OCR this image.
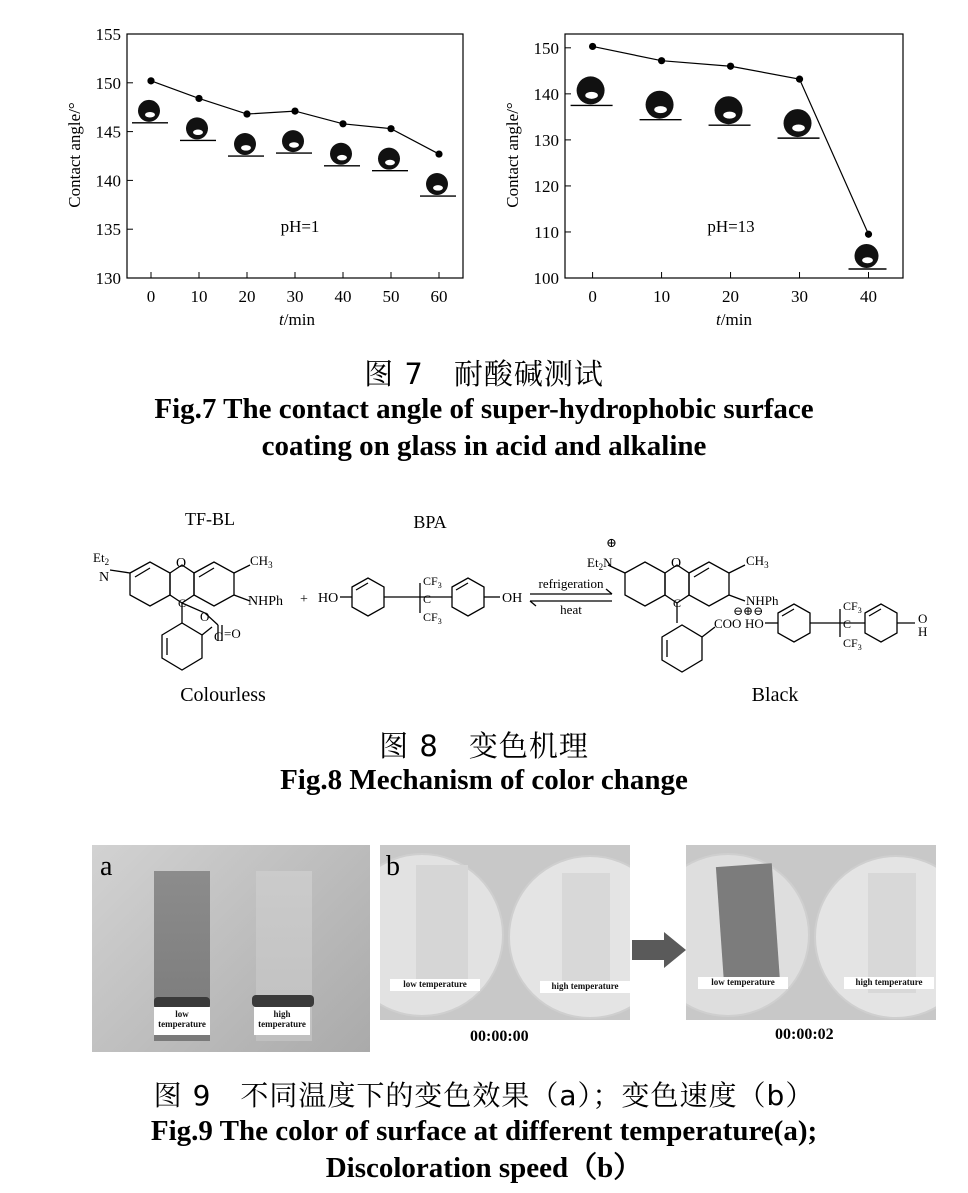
130
135
140
145
150
155
0 10 20 30 40 50 60
Contact angle/°
t/min
pH=1
100
110
120
130
140
150
0	10	20	30	40
Contact angle/°
t/min
pH=13
图 7　耐酸碱测试
Fig.7 The contact angle of super-hydrophobic surface
coating on glass in acid and alkaline
TF-BL	BPA
$Et_2$
N
O	$CH_3$
NHPh
C
O
C =O
+ HO	OH
$CF_3$
C
$CF_3$
refrigeration
heat
⊕
$Et_2N$	O	$CH_3$
NHPh
C
⊖⊕⊖
COO HO
$CF_3$
C
$CF_3$
O
H
Colourless	Black
图 8　变色机理
Fig.8 Mechanism of color change
a
low temperature
high temperature
b
low temperature	high temperature
00:00:00
low temperature	high temperature
00:00:02
图 9　不同温度下的变色效果（a）；变色速度（b）
Fig.9 The color of surface at different temperature(a);
Discoloration speed（b）
